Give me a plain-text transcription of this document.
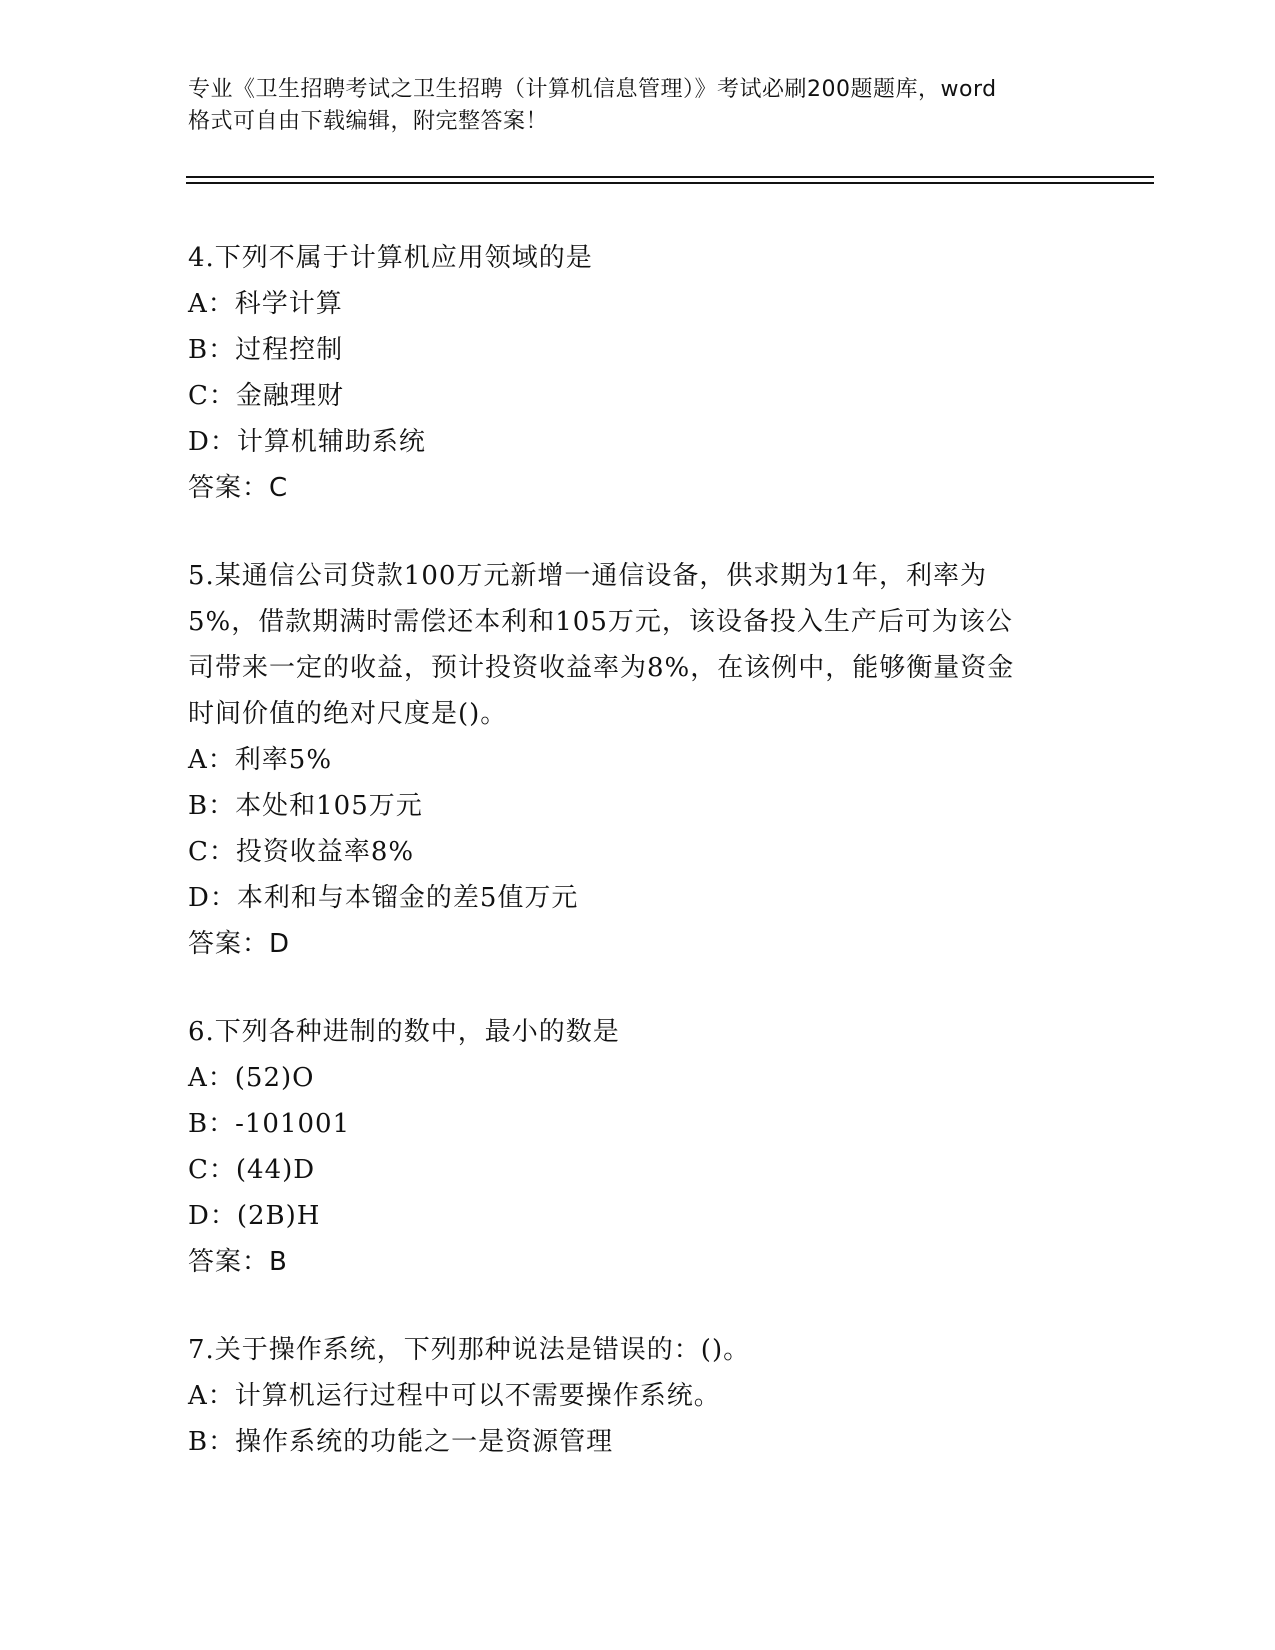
专业《卫生招聘考试之卫生招聘（计算机信息管理）》考试必刷200题题库，word
格式可自由下载编辑，附完整答案！
4.下列不属于计算机应用领域的是
A：科学计算
B：过程控制
C：金融理财
D：计算机辅助系统
答案：C
5.某通信公司贷款100万元新增一通信设备，供求期为1年，利率为
5%，借款期满时需偿还本利和105万元，该设备投入生产后可为该公
司带来一定的收益，预计投资收益率为8%，在该例中，能够衡量资金
时间价值的绝对尺度是()。
A：利率5%
B：本处和105万元
C：投资收益率8%
D：本利和与本镏金的差5值万元
答案：D
6.下列各种进制的数中，最小的数是
A：(52)O
B：-101001
C：(44)D
D：(2B)H
答案：B
7.关于操作系统，下列那种说法是错误的：()。
A：计算机运行过程中可以不需要操作系统。
B：操作系统的功能之一是资源管理
